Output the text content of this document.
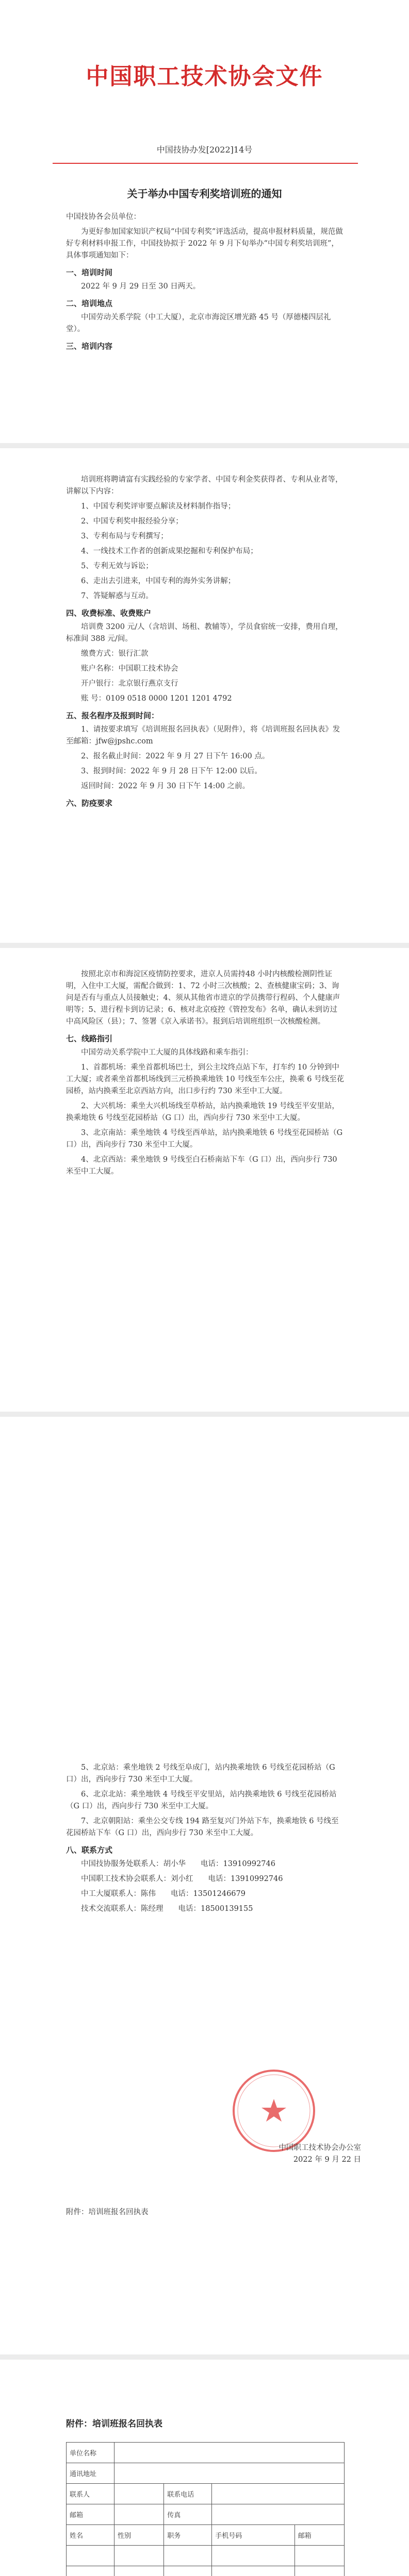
中国职工技术协会文件
中国技协办发[2022]14号
关于举办中国专利奖培训班的通知

中国技协各会员单位：

为更好参加国家知识产权局“中国专利奖”评选活动，提高申报材料质量，规范做好专利材料申报工作，中国技协拟于 2022 年 9 月下旬举办“中国专利奖培训班”，具体事项通知如下：

一、培训时间

2022 年 9 月 29 日至 30 日两天。

二、培训地点

中国劳动关系学院（中工大厦），北京市海淀区增光路 45 号（厚德楼四层礼堂）。

三、培训内容

培训班将聘请富有实践经验的专家学者、中国专利金奖获得者、专利从业者等，讲解以下内容：

1、中国专利奖评审要点解读及材料制作指导；

2、中国专利奖申报经验分享；

3、专利布局与专利撰写；

4、一线技术工作者的创新成果挖掘和专利保护布局；

5、专利无效与诉讼；

6、走出去引进来，中国专利的海外实务讲解；

7、答疑解惑与互动。

四、收费标准、收费账户

培训费 3200 元/人（含培训、场租、教辅等），学员食宿统一安排，费用自理，标准间 388 元/间。

缴费方式：银行汇款

账户名称：中国职工技术协会

开户银行：北京银行燕京支行

账 号：0109 0518 0000 1201 1201 4792

五、报名程序及报到时间：

1、请按要求填写《培训班报名回执表》（见附件），将《培训班报名回执表》发至邮箱：jfw@jpshc.com

2、报名截止时间：2022 年 9 月 27 日下午 16:00 点。

3、报到时间：2022 年 9 月 28 日下午 12:00 以后。

返回时间：2022 年 9 月 30 日下午 14:00 之前。

六、防疫要求

按照北京市和海淀区疫情防控要求，进京人员需持48 小时内核酸检测阴性证明，入住中工大厦，需配合做到：1、72 小时三次核酸；2、查核健康宝码；3、询问是否有与重点人员接触史；4、须从其他省市进京的学员携带行程码、个人健康声明等；5、进行程卡到访记录；6、核对北京疫控《管控发布》名单，确认未到访过中高风险区（县）；7、签署《京入承诺书》。报到后培训班组织一次核酸检测。

七、线路指引

中国劳动关系学院中工大厦的具体线路和乘车指引：

1、首都机场：乘坐首都机场巴士，到公主坟终点站下车，打车约 10 分钟到中工大厦；或者乘坐首都机场线到三元桥换乘地铁 10 号线至车公庄，换乘 6 号线至花园桥，站内换乘至北京西站方向，出口步行约 730 米至中工大厦。

2、大兴机场：乘坐大兴机场线至草桥站，站内换乘地铁 19 号线至平安里站，换乘地铁 6 号线至花园桥站（G 口）出，西向步行 730 米至中工大厦。

3、北京南站：乘坐地铁 4 号线至西单站，站内换乘地铁 6 号线至花园桥站（G 口）出，西向步行 730 米至中工大厦。

4、北京西站：乘坐地铁 9 号线至白石桥南站下车（G 口）出，西向步行 730 米至中工大厦。

5、北京站：乘坐地铁 2 号线至阜成门，站内换乘地铁 6 号线至花园桥站（G 口）出，西向步行 730 米至中工大厦。

6、北京北站：乘坐地铁 4 号线至平安里站，站内换乘地铁 6 号线至花园桥站（G 口）出，西向步行 730 米至中工大厦。

7、北京朝阳站：乘坐公交专线 194 路至复兴门外站下车，换乘地铁 6 号线至花园桥站下车（G 口）出，西向步行 730 米至中工大厦。

八、联系方式

中国技协服务处联系人：胡小华　　电话：13910992746

中国职工技术协会联系人：刘小红　　电话：13910992746

中工大厦联系人：陈伟　　电话：13501246679

技术交流联系人：陈经理　　电话：18500139155

中国职工技术协会办公室
2022 年 9 月 22 日
附件：培训班报名回执表
附件：培训班报名回执表
单位名称				
通讯地址				
联系人		联系电话		
邮箱		传真		
姓名	性别	职务	手机号码	邮箱
